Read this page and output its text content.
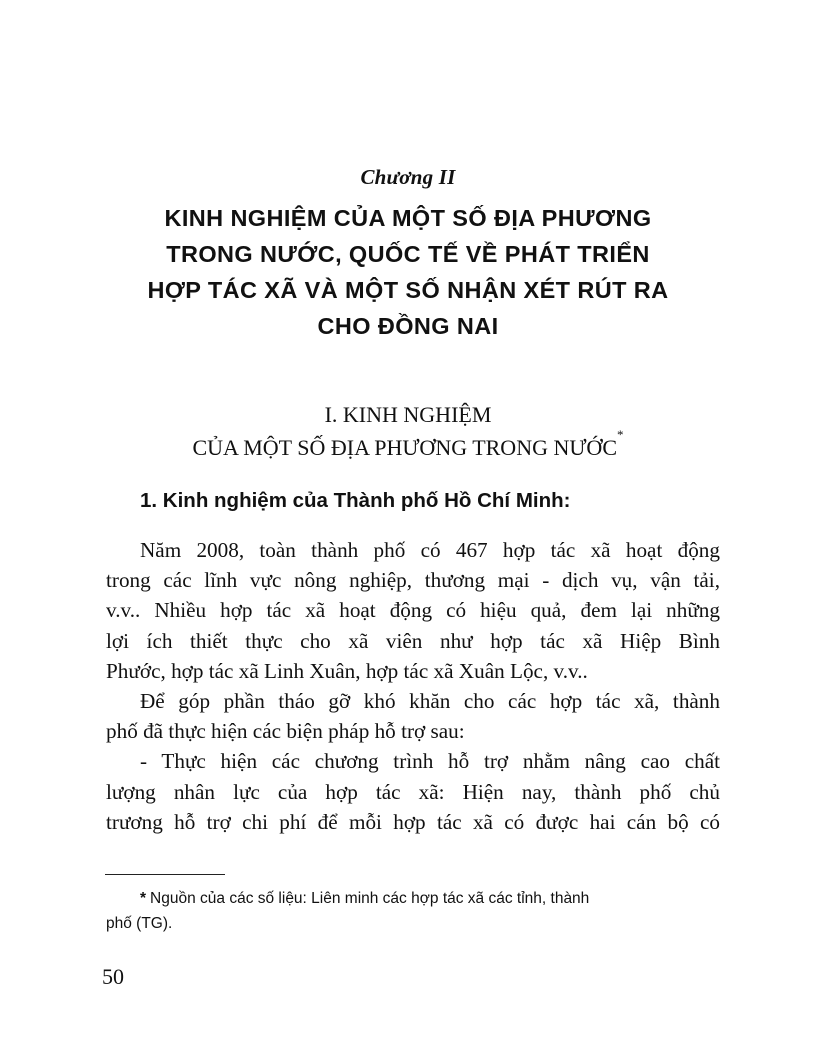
Chương II
KINH NGHIỆM CỦA MỘT SỐ ĐỊA PHƯƠNG
TRONG NƯỚC, QUỐC TẾ VỀ PHÁT TRIỂN
HỢP TÁC XÃ VÀ MỘT SỐ NHẬN XÉT RÚT RA
CHO ĐỒNG NAI
I. KINH NGHIỆM
CỦA MỘT SỐ ĐỊA PHƯƠNG TRONG NƯỚC*
1. Kinh nghiệm của Thành phố Hồ Chí Minh:
Năm 2008, toàn thành phố có 467 hợp tác xã hoạt động
trong các lĩnh vực nông nghiệp, thương mại - dịch vụ, vận tải,
v.v.. Nhiều hợp tác xã hoạt động có hiệu quả, đem lại những
lợi ích thiết thực cho xã viên như hợp tác xã Hiệp Bình
Phước, hợp tác xã Linh Xuân, hợp tác xã Xuân Lộc, v.v..
Để góp phần tháo gỡ khó khăn cho các hợp tác xã, thành
phố đã thực hiện các biện pháp hỗ trợ sau:
- Thực hiện các chương trình hỗ trợ nhằm nâng cao chất
lượng nhân lực của hợp tác xã: Hiện nay, thành phố chủ
trương hỗ trợ chi phí để mỗi hợp tác xã có được hai cán bộ có
* Nguồn của các số liệu: Liên minh các hợp tác xã các tỉnh, thành
phố (TG).
50
